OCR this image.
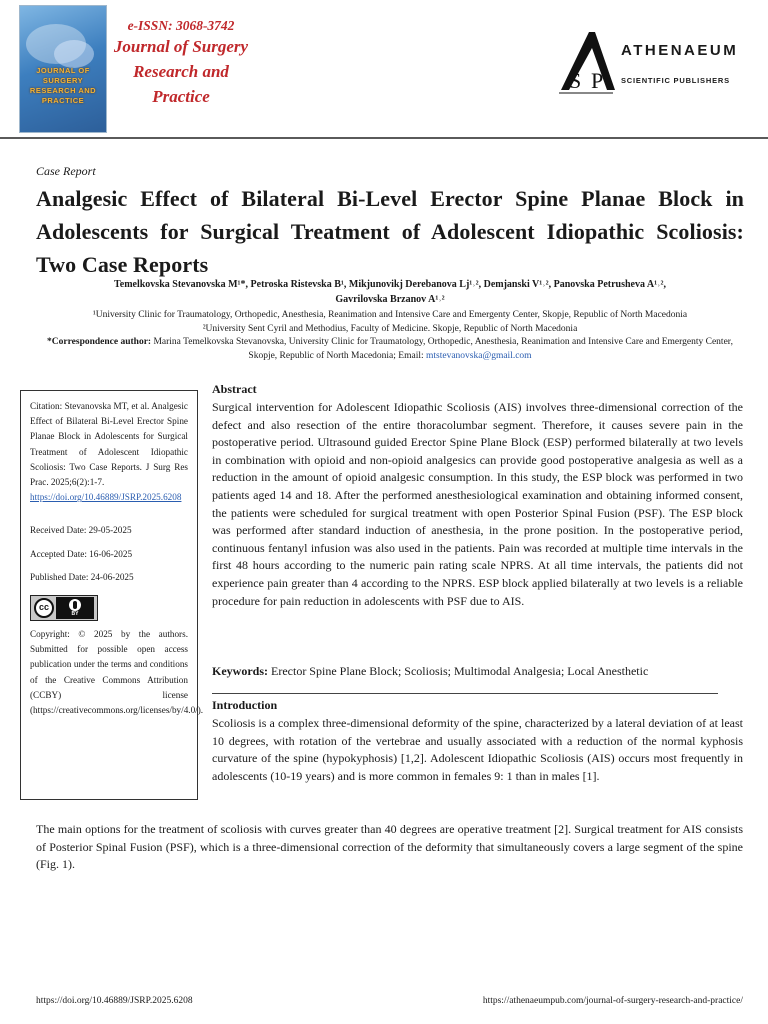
JOURNAL OF SURGERY RESEARCH AND PRACTICE
e-ISSN: 3068-3742
Journal of Surgery
Research and
Practice
S P
ATHENAEUM
SCIENTIFIC PUBLISHERS
Case Report
Analgesic Effect of Bilateral Bi-Level Erector Spine Planae Block in Adolescents for Surgical Treatment of Adolescent Idiopathic Scoliosis: Two Case Reports
Temelkovska Stevanovska M¹*, Petroska Ristevska B¹, Mikjunovikj Derebanova Lj¹˒², Demjanski V¹˒², Panovska Petrusheva A¹˒²,
Gavrilovska Brzanov A¹˒²
¹University Clinic for Traumatology, Orthopedic, Anesthesia, Reanimation and Intensive Care and Emergenty Center, Skopje, Republic of North Macedonia
²University Sent Cyril and Methodius, Faculty of Medicine. Skopje, Republic of North Macedonia
*Correspondence author: Marina Temelkovska Stevanovska, University Clinic for Traumatology, Orthopedic, Anesthesia, Reanimation and Intensive Care and Emergenty Center, Skopje, Republic of North Macedonia; Email: mtstevanovska@gmail.com
Citation: Stevanovska MT, et al. Analgesic Effect of Bilateral Bi-Level Erector Spine Planae Block in Adolescents for Surgical Treatment of Adolescent Idiopathic Scoliosis: Two Case Reports. J Surg Res Prac. 2025;6(2):1-7.
https://doi.org/10.46889/JSRP.2025.6208
Received Date: 29-05-2025
Accepted Date: 16-06-2025
Published Date: 24-06-2025
cc
BY
Copyright: © 2025 by the authors. Submitted for possible open access publication under the terms and conditions of the Creative Commons Attribution (CCBY) license (https://creativecommons.org/licenses/by/4.0/).
Abstract
Surgical intervention for Adolescent Idiopathic Scoliosis (AIS) involves three-dimensional correction of the defect and also resection of the entire thoracolumbar segment. Therefore, it causes severe pain in the postoperative period. Ultrasound guided Erector Spine Plane Block (ESP) performed bilaterally at two levels in combination with opioid and non-opioid analgesics can provide good postoperative analgesia as well as a reduction in the amount of opioid analgesic consumption. In this study, the ESP block was performed in two patients aged 14 and 18. After the performed anesthesiological examination and obtaining informed consent, the patients were scheduled for surgical treatment with open Posterior Spinal Fusion (PSF). The ESP block was performed after standard induction of anesthesia, in the prone position. In the postoperative period, continuous fentanyl infusion was also used in the patients. Pain was recorded at multiple time intervals in the first 48 hours according to the numeric pain rating scale NPRS. At all time intervals, the patients did not experience pain greater than 4 according to the NPRS. ESP block applied bilaterally at two levels is a reliable procedure for pain reduction in adolescents with PSF due to AIS.
Keywords: Erector Spine Plane Block; Scoliosis; Multimodal Analgesia; Local Anesthetic
Introduction
Scoliosis is a complex three-dimensional deformity of the spine, characterized by a lateral deviation of at least 10 degrees, with rotation of the vertebrae and usually associated with a reduction of the normal kyphosis curvature of the spine (hypokyphosis) [1,2]. Adolescent Idiopathic Scoliosis (AIS) occurs most frequently in adolescents (10-19 years) and is more common in females 9: 1 than in males [1].
The main options for the treatment of scoliosis with curves greater than 40 degrees are operative treatment [2]. Surgical treatment for AIS consists of Posterior Spinal Fusion (PSF), which is a three-dimensional correction of the deformity that simultaneously covers a large segment of the spine (Fig. 1).
https://doi.org/10.46889/JSRP.2025.6208	https://athenaeumpub.com/journal-of-surgery-research-and-practice/
